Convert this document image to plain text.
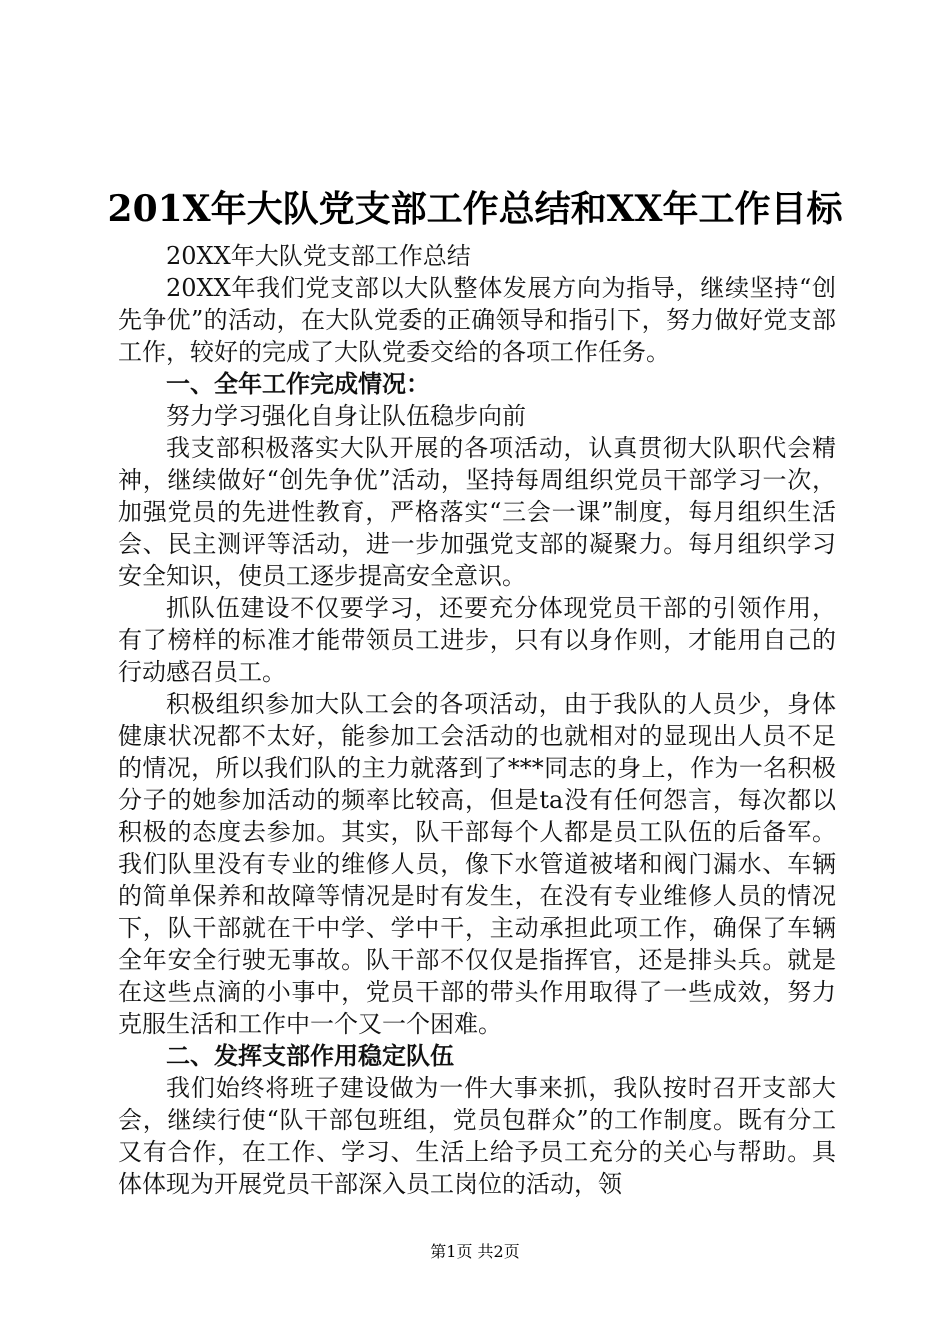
201X年大队党支部工作总结和XX年工作目标

20XX年大队党支部工作总结

20XX年我们党支部以大队整体发展方向为指导，继续坚持“创先争优”的活动，在大队党委的正确领导和指引下，努力做好党支部工作，较好的完成了大队党委交给的各项工作任务。

一、全年工作完成情况：

努力学习强化自身让队伍稳步向前

我支部积极落实大队开展的各项活动，认真贯彻大队职代会精神，继续做好“创先争优”活动，坚持每周组织党员干部学习一次，加强党员的先进性教育，严格落实“三会一课”制度，每月组织生活会、民主测评等活动，进一步加强党支部的凝聚力。每月组织学习安全知识，使员工逐步提高安全意识。

抓队伍建设不仅要学习，还要充分体现党员干部的引领作用，有了榜样的标准才能带领员工进步，只有以身作则，才能用自己的行动感召员工。

积极组织参加大队工会的各项活动，由于我队的人员少，身体健康状况都不太好，能参加工会活动的也就相对的显现出人员不足的情况，所以我们队的主力就落到了***同志的身上，作为一名积极分子的她参加活动的频率比较高，但是ta没有任何怨言，每次都以积极的态度去参加。其实，队干部每个人都是员工队伍的后备军。我们队里没有专业的维修人员，像下水管道被堵和阀门漏水、车辆的简单保养和故障等情况是时有发生，在没有专业维修人员的情况下，队干部就在干中学、学中干，主动承担此项工作，确保了车辆全年安全行驶无事故。队干部不仅仅是指挥官，还是排头兵。就是在这些点滴的小事中，党员干部的带头作用取得了一些成效，努力克服生活和工作中一个又一个困难。

二、发挥支部作用稳定队伍

我们始终将班子建设做为一件大事来抓，我队按时召开支部大会，继续行使“队干部包班组，党员包群众”的工作制度。既有分工又有合作，在工作、学习、生活上给予员工充分的关心与帮助。具体体现为开展党员干部深入员工岗位的活动，领

第1页 共2页
